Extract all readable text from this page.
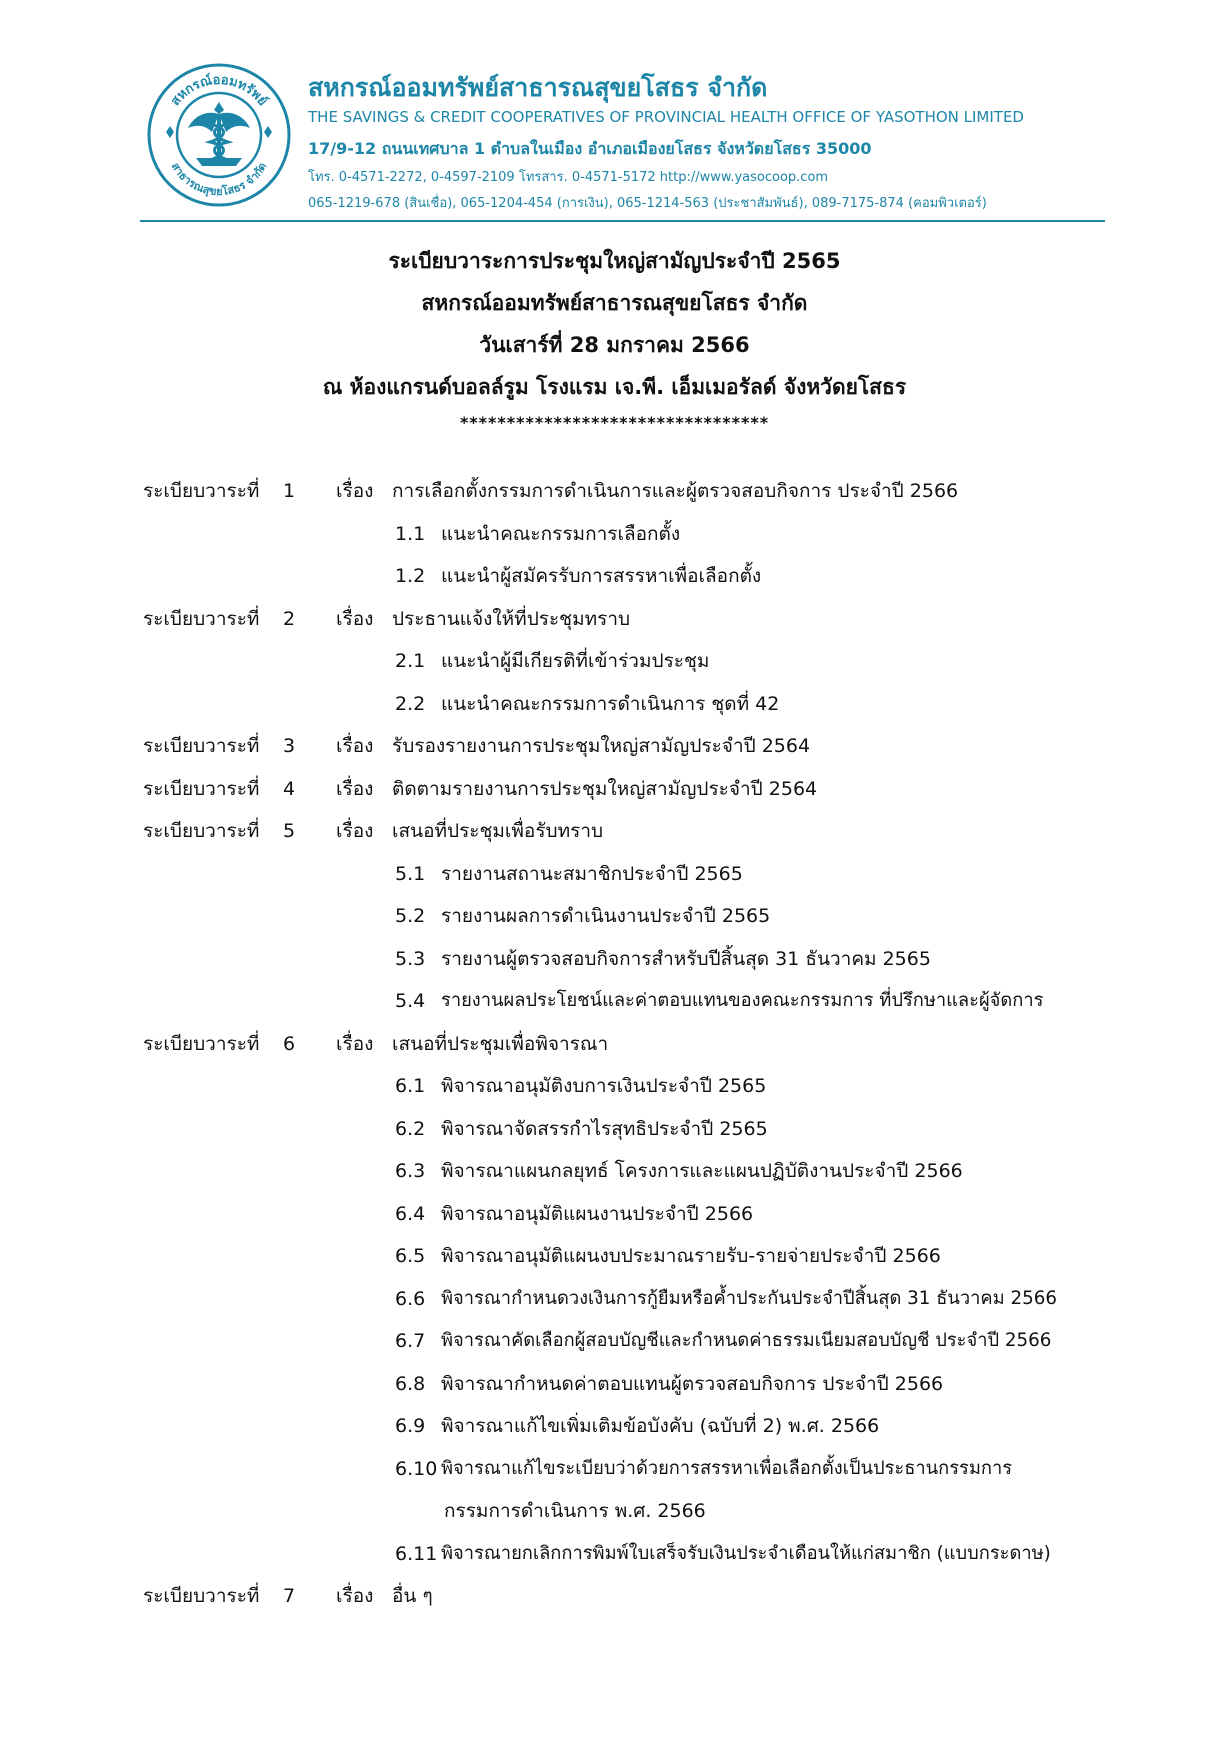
สหกรณ์ออมทรัพย์
สาธารณสุขยโสธร จำกัด
สหกรณ์ออมทรัพย์สาธารณสุขยโสธร จำกัด
THE SAVINGS & CREDIT COOPERATIVES OF PROVINCIAL HEALTH OFFICE OF YASOTHON LIMITED
17/9-12 ถนนเทศบาล 1 ตำบลในเมือง อำเภอเมืองยโสธร จังหวัดยโสธร 35000
โทร. 0-4571-2272, 0-4597-2109 โทรสาร. 0-4571-5172 http://www.yasocoop.com
065-1219-678 (สินเชื่อ), 065-1204-454 (การเงิน), 065-1214-563 (ประชาสัมพันธ์), 089-7175-874 (คอมพิวเตอร์)
ระเบียบวาระการประชุมใหญ่สามัญประจำปี 2565
สหกรณ์ออมทรัพย์สาธารณสุขยโสธร จำกัด
วันเสาร์ที่ 28 มกราคม 2566
ณ ห้องแกรนด์บอลล์รูม โรงแรม เจ.พี. เอ็มเมอรัลด์ จังหวัดยโสธร
*********************************
ระเบียบวาระที่ 1 เรื่อง การเลือกตั้งกรรมการดำเนินการและผู้ตรวจสอบกิจการ ประจำปี 2566
1.1 แนะนำคณะกรรมการเลือกตั้ง
1.2 แนะนำผู้สมัครรับการสรรหาเพื่อเลือกตั้ง
ระเบียบวาระที่ 2 เรื่อง ประธานแจ้งให้ที่ประชุมทราบ
2.1 แนะนำผู้มีเกียรติที่เข้าร่วมประชุม
2.2 แนะนำคณะกรรมการดำเนินการ ชุดที่ 42
ระเบียบวาระที่ 3 เรื่อง รับรองรายงานการประชุมใหญ่สามัญประจำปี 2564
ระเบียบวาระที่ 4 เรื่อง ติดตามรายงานการประชุมใหญ่สามัญประจำปี 2564
ระเบียบวาระที่ 5 เรื่อง เสนอที่ประชุมเพื่อรับทราบ
5.1 รายงานสถานะสมาชิกประจำปี 2565
5.2 รายงานผลการดำเนินงานประจำปี 2565
5.3 รายงานผู้ตรวจสอบกิจการสำหรับปีสิ้นสุด 31 ธันวาคม 2565
5.4 รายงานผลประโยชน์และค่าตอบแทนของคณะกรรมการ ที่ปรึกษาและผู้จัดการ
ระเบียบวาระที่ 6 เรื่อง เสนอที่ประชุมเพื่อพิจารณา
6.1 พิจารณาอนุมัติงบการเงินประจำปี 2565
6.2 พิจารณาจัดสรรกำไรสุทธิประจำปี 2565
6.3 พิจารณาแผนกลยุทธ์ โครงการและแผนปฏิบัติงานประจำปี 2566
6.4 พิจารณาอนุมัติแผนงานประจำปี 2566
6.5 พิจารณาอนุมัติแผนงบประมาณรายรับ-รายจ่ายประจำปี 2566
6.6 พิจารณากำหนดวงเงินการกู้ยืมหรือค้ำประกันประจำปีสิ้นสุด 31 ธันวาคม 2566
6.7 พิจารณาคัดเลือกผู้สอบบัญชีและกำหนดค่าธรรมเนียมสอบบัญชี ประจำปี 2566
6.8 พิจารณากำหนดค่าตอบแทนผู้ตรวจสอบกิจการ ประจำปี 2566
6.9 พิจารณาแก้ไขเพิ่มเติมข้อบังคับ (ฉบับที่ 2) พ.ศ. 2566
6.10 พิจารณาแก้ไขระเบียบว่าด้วยการสรรหาเพื่อเลือกตั้งเป็นประธานกรรมการ
กรรมการดำเนินการ พ.ศ. 2566
6.11 พิจารณายกเลิกการพิมพ์ใบเสร็จรับเงินประจำเดือนให้แก่สมาชิก (แบบกระดาษ)
ระเบียบวาระที่ 7 เรื่อง อื่น ๆ
